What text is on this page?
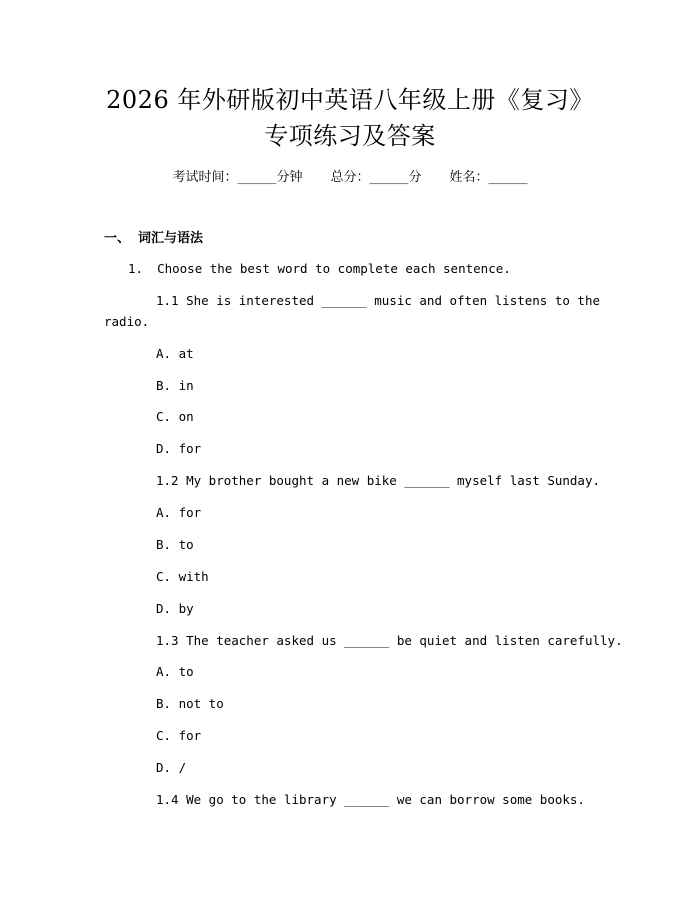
2026 年外研版初中英语八年级上册《复习》
专项练习及答案
考试时间：______分钟 总分：______分 姓名：______
一、 词汇与语法
1. Choose the best word to complete each sentence.
1.1 She is interested ______ music and often listens to the
radio.
A. at
B. in
C. on
D. for
1.2 My brother bought a new bike ______ myself last Sunday.
A. for
B. to
C. with
D. by
1.3 The teacher asked us ______ be quiet and listen carefully.
A. to
B. not to
C. for
D. /
1.4 We go to the library ______ we can borrow some books.
